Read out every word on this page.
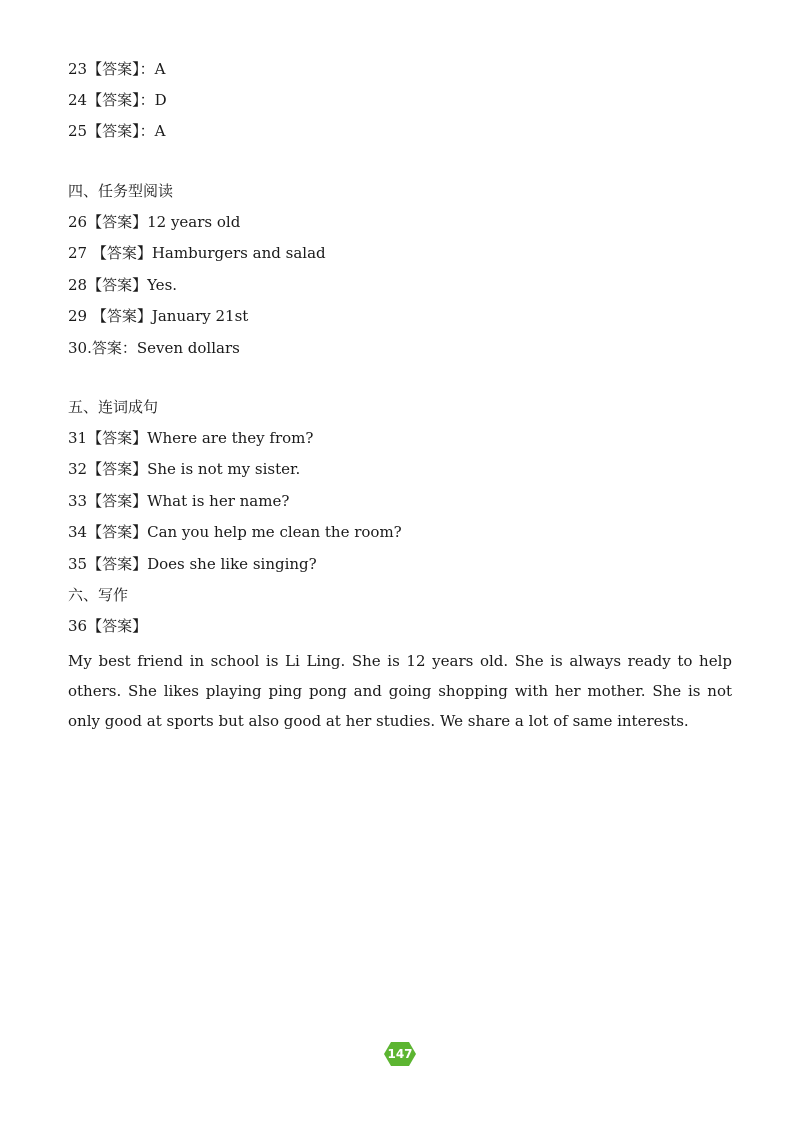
23【答案】：A
24【答案】：D
25【答案】：A
四、任务型阅读
26【答案】12 years old
27 【答案】Hamburgers and salad
28【答案】Yes.
29 【答案】January 21st
30.答案：Seven dollars
五、连词成句
31【答案】Where are they from?
32【答案】She is not my sister.
33【答案】What is her name?
34【答案】Can you help me clean the room?
35【答案】Does she like singing?
六、写作
36【答案】

My best friend in school is Li Ling. She is 12 years old. She is always ready to help others. She likes playing ping pong and going shopping with her mother. She is not only good at sports but also good at her studies. We share a lot of same interests.

147
